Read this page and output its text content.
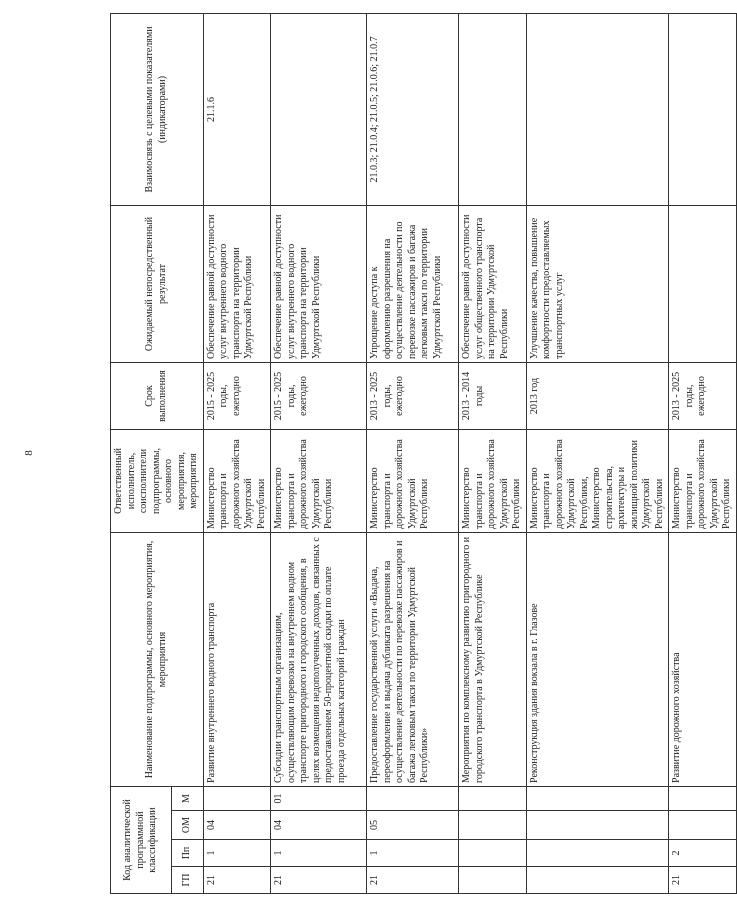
8
Код аналитической программной классификации				Наименование подпрограммы, основного мероприятия, мероприятия	Ответственный исполнитель, соисполнители подпрограммы, основного мероприятия, мероприятия	Срок выполнения	Ожидаемый непосредственный результат	Взаимосвязь с целевыми показателями (индикаторами)
ГП	Пп	ОМ	М					
21	1	04		Развитие внутреннего водного транспорта	Министерство транспорта и дорожного хозяйства Удмуртской Республики	2015 - 2025 годы, ежегодно	Обеспечение равной доступности услуг внутреннего водного транспорта на территории Удмуртской Республики	21.1.6
21	1	04	01	Субсидии транспортным организациям, осуществляющим перевозки на внутреннем водном транспорте пригородного и городского сообщения, в целях возмещения недополученных доходов, связанных с предоставлением 50-процентной скидки по оплате проезда отдельных категорий граждан	Министерство транспорта и дорожного хозяйства Удмуртской Республики	2015 - 2025 годы, ежегодно	Обеспечение равной доступности услуг внутреннего водного транспорта на территории Удмуртской Республики	
21	1	05		Предоставление государственной услуги «Выдача, переоформление и выдача дубликата разрешения на осуществление деятельности по перевозке пассажиров и багажа легковым такси по территории Удмуртской Республики»	Министерство транспорта и дорожного хозяйства Удмуртской Республики	2013 - 2025 годы, ежегодно	Упрощение доступа к оформлению разрешения на осуществление деятельности по перевозке пассажиров и багажа легковым такси по территории Удмуртской Республики	21.0.3; 21.0.4; 21.0.5; 21.0.6; 21.0.7
				Мероприятия по комплексному развитию пригородного и городского транспорта в Удмуртской Республике	Министерство транспорта и дорожного хозяйства Удмуртской Республики	2013 - 2014 годы	Обеспечение равной доступности услуг общественного транспорта на территории Удмуртской Республики	
				Реконструкция здания вокзала в г. Глазове	Министерство транспорта и дорожного хозяйства Удмуртской Республики, Министерство строительства, архитектуры и жилищной политики Удмуртской Республики	2013 год	Улучшение качества, повышение комфортности предоставляемых транспортных услуг	
21	2			Развитие дорожного хозяйства	Министерство транспорта и дорожного хозяйства Удмуртской Республики	2013 - 2025 годы, ежегодно		
